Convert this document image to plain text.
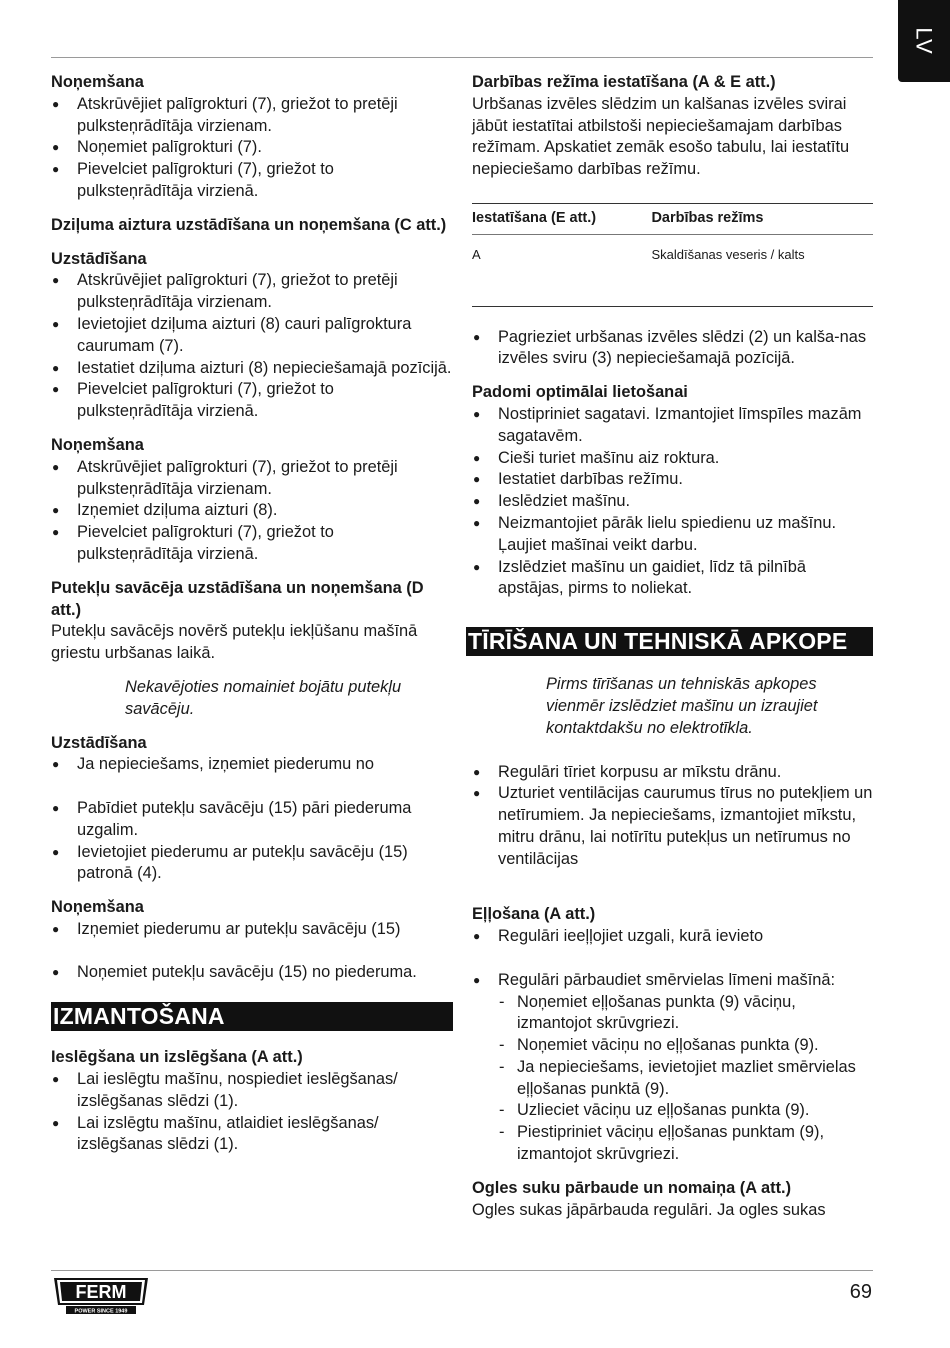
LV

Noņemšana

● Atskrūvējiet palīgrokturi (7), griežot to pretēji pulksteņrādītāja virzienam.
● Noņemiet palīgrokturi (7).
● Pievelciet palīgrokturi (7), griežot to pulksteņrādītāja virzienā.

Dziļuma aiztura uzstādīšana un noņemšana (C att.)

Uzstādīšana

● Atskrūvējiet palīgrokturi (7), griežot to pretēji pulksteņrādītāja virzienam.
● Ievietojiet dziļuma aizturi (8) cauri palīgroktura caurumam (7).
● Iestatiet dziļuma aizturi (8) nepieciešamajā pozīcijā.
● Pievelciet palīgrokturi (7), griežot to pulksteņrādītāja virzienā.

Noņemšana

● Atskrūvējiet palīgrokturi (7), griežot to pretēji pulksteņrādītāja virzienam.
● Izņemiet dziļuma aizturi (8).
● Pievelciet palīgrokturi (7), griežot to pulksteņrādītāja virzienā.

Putekļu savācēja uzstādīšana un noņemšana (D att.)

Putekļu savācējs novērš putekļu iekļūšanu mašīnā griestu urbšanas laikā.

Nekavējoties nomainiet bojātu putekļu savācēju.

Uzstādīšana

● Ja nepieciešams, izņemiet piederumu no
● Pabīdiet putekļu savācēju (15) pāri piederuma uzgalim.
● Ievietojiet piederumu ar putekļu savācēju (15) patronā (4).

Noņemšana

● Izņemiet piederumu ar putekļu savācēju (15)
● Noņemiet putekļu savācēju (15) no piederuma.
IZMANTOŠANA

Ieslēgšana un izslēgšana (A att.)

● Lai ieslēgtu mašīnu, nospiediet ieslēgšanas/ izslēgšanas slēdzi (1).
● Lai izslēgtu mašīnu, atlaidiet ieslēgšanas/ izslēgšanas slēdzi (1).

Darbības režīma iestatīšana (A & E att.)

Urbšanas izvēles slēdzim un kalšanas izvēles svirai jābūt iestatītai atbilstoši nepieciešamajam darbības režīmam. Apskatiet zemāk esošo tabulu, lai iestatītu nepieciešamo darbības režīmu.

Iestatīšana (E att.)	Darbības režīms
A	Skaldīšanas veseris / kalts

● Pagrieziet urbšanas izvēles slēdzi (2) un kalša-nas izvēles sviru (3) nepieciešamajā pozīcijā.

Padomi optimālai lietošanai

● Nostipriniet sagatavi. Izmantojiet līmspīles mazām sagatavēm.
● Cieši turiet mašīnu aiz roktura.
● Iestatiet darbības režīmu.
● Ieslēdziet mašīnu.
● Neizmantojiet pārāk lielu spiedienu uz mašīnu. Ļaujiet mašīnai veikt darbu.
● Izslēdziet mašīnu un gaidiet, līdz tā pilnībā apstājas, pirms to noliekat.
TĪRĪŠANA UN TEHNISKĀ APKOPE

Pirms tīrīšanas un tehniskās apkopes vienmēr izslēdziet mašīnu un izraujiet kontaktdakšu no elektrotīkla.

● Regulāri tīriet korpusu ar mīkstu drānu.
● Uzturiet ventilācijas caurumus tīrus no putekļiem un netīrumiem. Ja nepieciešams, izmantojiet mīkstu, mitru drānu, lai notīrītu putekļus un netīrumus no ventilācijas

Eļļošana (A att.)

● Regulāri ieeļļojiet uzgali, kurā ievieto
● Regulāri pārbaudiet smērvielas līmeni mašīnā:
- Noņemiet eļļošanas punkta (9) vāciņu, izmantojot skrūvgriezi.
- Noņemiet vāciņu no eļļošanas punkta (9).
- Ja nepieciešams, ievietojiet mazliet smērvielas eļļošanas punktā (9).
- Uzlieciet vāciņu uz eļļošanas punkta (9).
- Piestipriniet vāciņu eļļošanas punktam (9), izmantojot skrūvgriezi.

Ogles suku pārbaude un nomaiņa (A att.)

Ogles sukas jāpārbauda regulāri. Ja ogles sukas

FERM
POWER SINCE 1949
69
